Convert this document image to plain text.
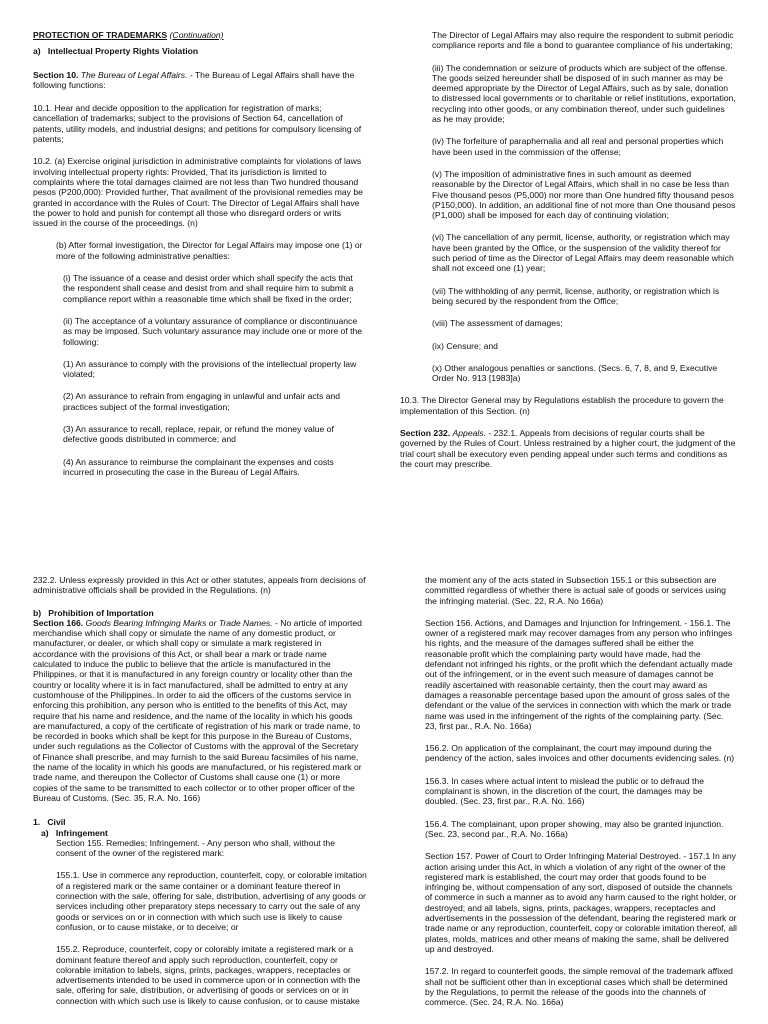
PROTECTION OF TRADEMARKS (Continuation)

a) Intellectual Property Rights Violation

Section 10. The Bureau of Legal Affairs. - The Bureau of Legal Affairs shall have the following functions:

10.1. Hear and decide opposition to the application for registration of marks; cancellation of trademarks; subject to the provisions of Section 64, cancellation of patents, utility models, and industrial designs; and petitions for compulsory licensing of patents;

10.2. (a) Exercise original jurisdiction in administrative complaints for violations of laws involving intellectual property rights: Provided, That its jurisdiction is limited to complaints where the total damages claimed are not less than Two hundred thousand pesos (P200,000): Provided further, That availment of the provisional remedies may be granted in accordance with the Rules of Court. The Director of Legal Affairs shall have the power to hold and punish for contempt all those who disregard orders or writs issued in the course of the proceedings. (n)

(b) After formal investigation, the Director for Legal Affairs may impose one (1) or more of the following administrative penalties:

(i) The issuance of a cease and desist order which shall specify the acts that the respondent shall cease and desist from and shall require him to submit a compliance report within a reasonable time which shall be fixed in the order;

(ii) The acceptance of a voluntary assurance of compliance or discontinuance as may be imposed. Such voluntary assurance may include one or more of the following:

(1) An assurance to comply with the provisions of the intellectual property law violated;

(2) An assurance to refrain from engaging in unlawful and unfair acts and practices subject of the formal investigation;

(3) An assurance to recall, replace, repair, or refund the money value of defective goods distributed in commerce; and

(4) An assurance to reimburse the complainant the expenses and costs incurred in prosecuting the case in the Bureau of Legal Affairs.

The Director of Legal Affairs may also require the respondent to submit periodic compliance reports and file a bond to guarantee compliance of his undertaking;

(iii) The condemnation or seizure of products which are subject of the offense. The goods seized hereunder shall be disposed of in such manner as may be deemed appropriate by the Director of Legal Affairs, such as by sale, donation to distressed local governments or to charitable or relief institutions, exportation, recycling into other goods, or any combination thereof, under such guidelines as he may provide;

(iv) The forfeiture of paraphernalia and all real and personal properties which have been used in the commission of the offense;

(v) The imposition of administrative fines in such amount as deemed reasonable by the Director of Legal Affairs, which shall in no case be less than Five thousand pesos (P5,000) nor more than One hundred fifty thousand pesos (P150,000). In addition, an additional fine of not more than One thousand pesos (P1,000) shall be imposed for each day of continuing violation;

(vi) The cancellation of any permit, license, authority, or registration which may have been granted by the Office, or the suspension of the validity thereof for such period of time as the Director of Legal Affairs may deem reasonable which shall not exceed one (1) year;

(vii) The withholding of any permit, license, authority, or registration which is being secured by the respondent from the Office;

(viii) The assessment of damages;

(ix) Censure; and

(x) Other analogous penalties or sanctions. (Secs. 6, 7, 8, and 9, Executive Order No. 913 [1983]a)

10.3. The Director General may by Regulations establish the procedure to govern the implementation of this Section. (n)

Section 232. Appeals. - 232.1. Appeals from decisions of regular courts shall be governed by the Rules of Court. Unless restrained by a higher court, the judgment of the trial court shall be executory even pending appeal under such terms and conditions as the court may prescribe.

232.2. Unless expressly provided in this Act or other statutes, appeals from decisions of administrative officials shall be provided in the Regulations. (n)

b) Prohibition of Importation

Section 166. Goods Bearing Infringing Marks or Trade Names. - No article of imported merchandise which shall copy or simulate the name of any domestic product, or manufacturer, or dealer, or which shall copy or simulate a mark registered in accordance with the provisions of this Act, or shall bear a mark or trade name calculated to induce the public to believe that the article is manufactured in the Philippines, or that it is manufactured in any foreign country or locality other than the country or locality where it is in fact manufactured, shall be admitted to entry at any customhouse of the Philippines. In order to aid the officers of the customs service in enforcing this prohibition, any person who is entitled to the benefits of this Act, may require that his name and residence, and the name of the locality in which his goods are manufactured, a copy of the certificate of registration of his mark or trade name, to be recorded in books which shall be kept for this purpose in the Bureau of Customs, under such regulations as the Collector of Customs with the approval of the Secretary of Finance shall prescribe, and may furnish to the said Bureau facsimiles of his name, the name of the locality in which his goods are manufactured, or his registered mark or trade name, and thereupon the Collector of Customs shall cause one (1) or more copies of the same to be transmitted to each collector or to other proper officer of the Bureau of Customs. (Sec. 35, R.A. No. 166)

1. Civil

a) Infringement

Section 155. Remedies; Infringement. - Any person who shall, without the consent of the owner of the registered mark:

155.1. Use in commerce any reproduction, counterfeit, copy, or colorable imitation of a registered mark or the same container or a dominant feature thereof in connection with the sale, offering for sale, distribution, advertising of any goods or services including other preparatory steps necessary to carry out the sale of any goods or services on or in connection with which such use is likely to cause confusion, or to cause mistake, or to deceive; or

155.2. Reproduce, counterfeit, copy or colorably imitate a registered mark or a dominant feature thereof and apply such reproduction, counterfeit, copy or colorable imitation to labels, signs, prints, packages, wrappers, receptacles or advertisements intended to be used in commerce upon or in connection with the sale, offering for sale, distribution, or advertising of goods or services on or in connection with which such use is likely to cause confusion, or to cause mistake

the moment any of the acts stated in Subsection 155.1 or this subsection are committed regardless of whether there is actual sale of goods or services using the infringing material. (Sec. 22, R.A. No 166a)

Section 156. Actions, and Damages and Injunction for Infringement. - 156.1. The owner of a registered mark may recover damages from any person who infringes his rights, and the measure of the damages suffered shall be either the reasonable profit which the complaining party would have made, had the defendant not infringed his rights, or the profit which the defendant actually made out of the infringement, or in the event such measure of damages cannot be readily ascertained with reasonable certainty, then the court may award as damages a reasonable percentage based upon the amount of gross sales of the defendant or the value of the services in connection with which the mark or trade name was used in the infringement of the rights of the complaining party. (Sec. 23, first par., R.A. No. 166a)

156.2. On application of the complainant, the court may impound during the pendency of the action, sales invoices and other documents evidencing sales. (n)

156.3. In cases where actual intent to mislead the public or to defraud the complainant is shown, in the discretion of the court, the damages may be doubled. (Sec. 23, first par., R.A. No. 166)

156.4. The complainant, upon proper showing, may also be granted injunction. (Sec. 23, second par., R.A. No. 166a)

Section 157. Power of Court to Order Infringing Material Destroyed. - 157.1 In any action arising under this Act, in which a violation of any right of the owner of the registered mark is established, the court may order that goods found to be infringing be, without compensation of any sort, disposed of outside the channels of commerce in such a manner as to avoid any harm caused to the right holder, or destroyed; and all labels, signs, prints, packages, wrappers, receptacles and advertisements in the possession of the defendant, bearing the registered mark or trade name or any reproduction, counterfeit, copy or colorable imitation thereof, all plates, molds, matrices and other means of making the same, shall be delivered up and destroyed.

157.2. In regard to counterfeit goods, the simple removal of the trademark affixed shall not be sufficient other than in exceptional cases which shall be determined by the Regulations, to permit the release of the goods into the channels of commerce. (Sec. 24, R.A. No. 166a)
